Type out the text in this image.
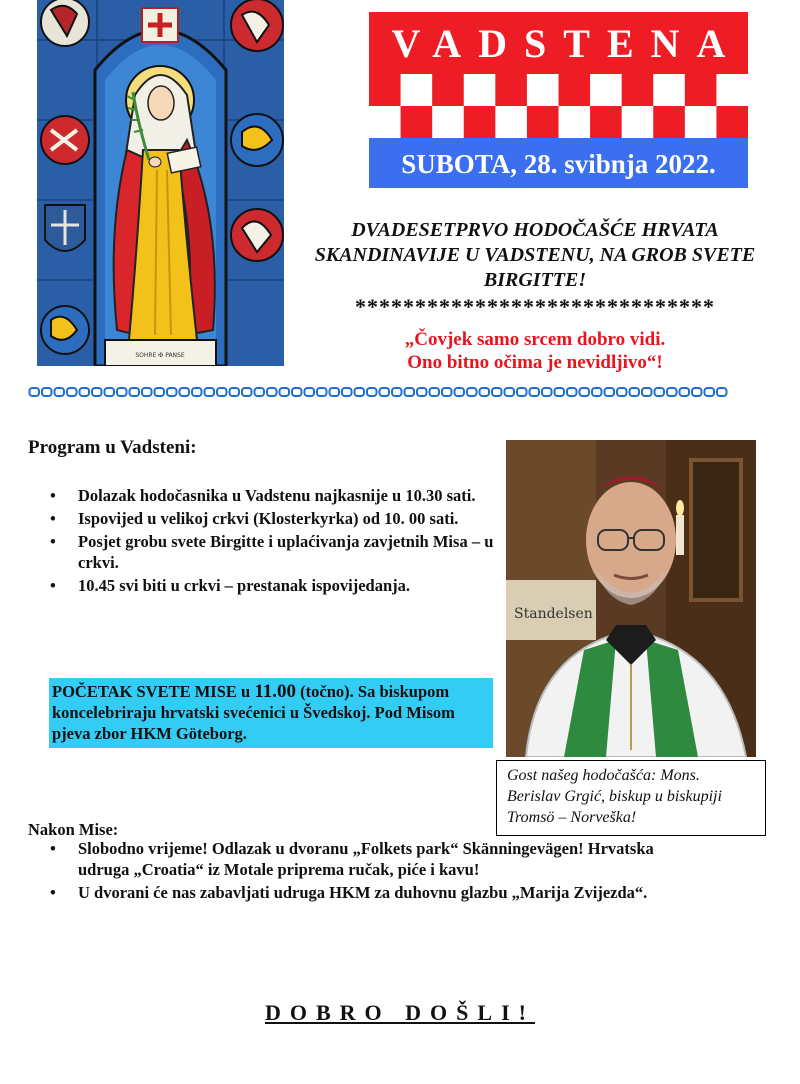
SOHRE ✠ PANSE
VADSTENA
SUBOTA, 28. svibnja 2022.
DVADESETPRVO HODOČAŠĆE HRVATA SKANDINAVIJE U VADSTENU, NA GROB SVETE BIRGITTE!
******************************
„Čovjek samo srcem dobro vidi.
Ono bitno očima je nevidljivo“!
Program u Vadsteni:
• Dolazak hodočasnika u Vadstenu najkasnije u 10.30 sati.
• Ispovijed u velikoj crkvi (Klosterkyrka) od 10. 00 sati.
• Posjet grobu svete Birgitte i uplaćivanja zavjetnih Misa – u crkvi.
• 10.45 svi biti u crkvi – prestanak ispovijedanja.
POČETAK SVETE MISE u 11.00 (točno). Sa biskupom koncelebriraju hrvatski svećenici u Švedskoj. Pod Misom pjeva zbor HKM Göteborg.
Standelsen
Gost našeg hodočašća: Mons. Berislav Grgić, biskup u biskupiji Tromsö – Norveška!
Nakon Mise:
• Slobodno vrijeme! Odlazak u dvoranu „Folkets park“ Skänningevägen! Hrvatska udruga „Croatia“ iz Motale priprema ručak, piće i kavu!
• U dvorani će nas zabavljati udruga HKM za duhovnu glazbu „Marija Zvijezda“.
DOBRO DOŠLI!
